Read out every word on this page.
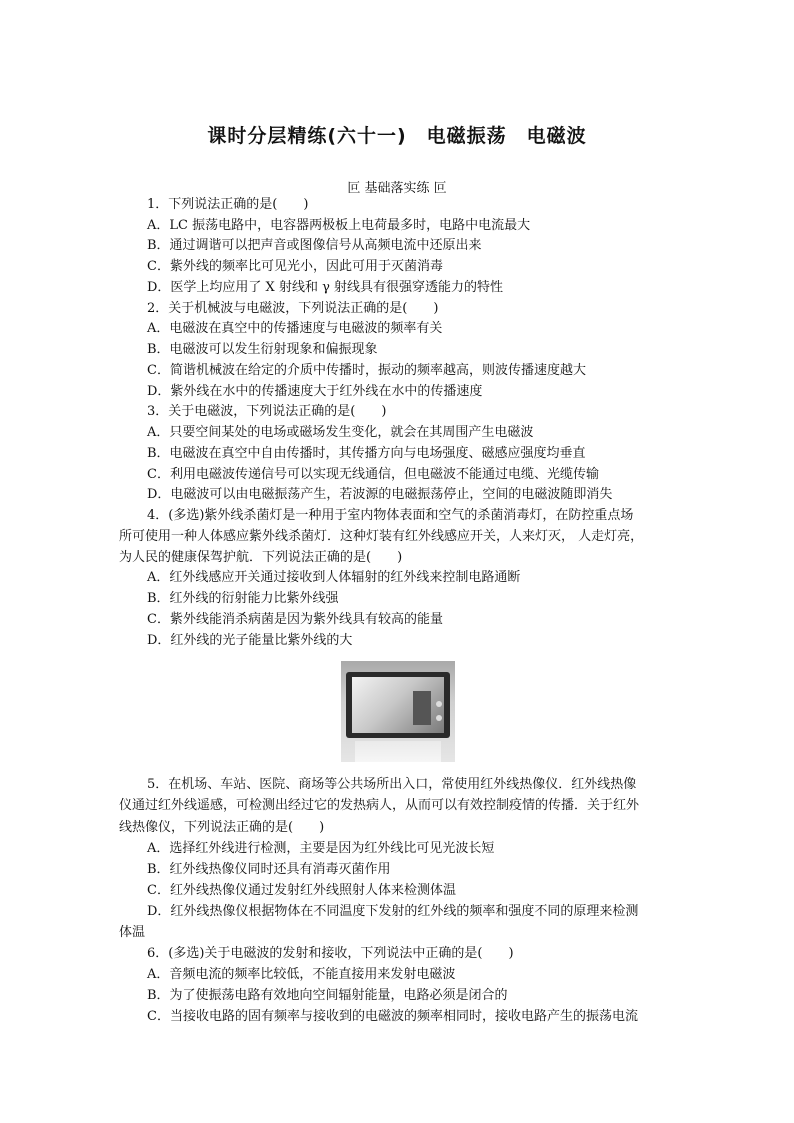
课时分层精练(六十一)　电磁振荡　电磁波
叵 基础落实练 叵
1．下列说法正确的是(　　)
A．LC 振荡电路中，电容器两极板上电荷最多时，电路中电流最大
B．通过调谐可以把声音或图像信号从高频电流中还原出来
C．紫外线的频率比可见光小，因此可用于灭菌消毒
D．医学上均应用了 X 射线和 γ 射线具有很强穿透能力的特性
2．关于机械波与电磁波，下列说法正确的是(　　)
A．电磁波在真空中的传播速度与电磁波的频率有关
B．电磁波可以发生衍射现象和偏振现象
C．简谐机械波在给定的介质中传播时，振动的频率越高，则波传播速度越大
D．紫外线在水中的传播速度大于红外线在水中的传播速度
3．关于电磁波，下列说法正确的是(　　)
A．只要空间某处的电场或磁场发生变化，就会在其周围产生电磁波
B．电磁波在真空中自由传播时，其传播方向与电场强度、磁感应强度均垂直
C．利用电磁波传递信号可以实现无线通信，但电磁波不能通过电缆、光缆传输
D．电磁波可以由电磁振荡产生，若波源的电磁振荡停止，空间的电磁波随即消失
4．(多选)紫外线杀菌灯是一种用于室内物体表面和空气的杀菌消毒灯，在防控重点场
所可使用一种人体感应紫外线杀菌灯．这种灯装有红外线感应开关，人来灯灭， 人走灯亮，
为人民的健康保驾护航．下列说法正确的是(　　)
A．红外线感应开关通过接收到人体辐射的红外线来控制电路通断
B．红外线的衍射能力比紫外线强
C．紫外线能消杀病菌是因为紫外线具有较高的能量
D．红外线的光子能量比紫外线的大
5．在机场、车站、医院、商场等公共场所出入口，常使用红外线热像仪．红外线热像
仪通过红外线遥感，可检测出经过它的发热病人，从而可以有效控制疫情的传播．关于红外
线热像仪，下列说法正确的是(　　)
A．选择红外线进行检测，主要是因为红外线比可见光波长短
B．红外线热像仪同时还具有消毒灭菌作用
C．红外线热像仪通过发射红外线照射人体来检测体温
D．红外线热像仪根据物体在不同温度下发射的红外线的频率和强度不同的原理来检测
体温
6．(多选)关于电磁波的发射和接收，下列说法中正确的是(　　)
A．音频电流的频率比较低，不能直接用来发射电磁波
B．为了使振荡电路有效地向空间辐射能量，电路必须是闭合的
C．当接收电路的固有频率与接收到的电磁波的频率相同时，接收电路产生的振荡电流
